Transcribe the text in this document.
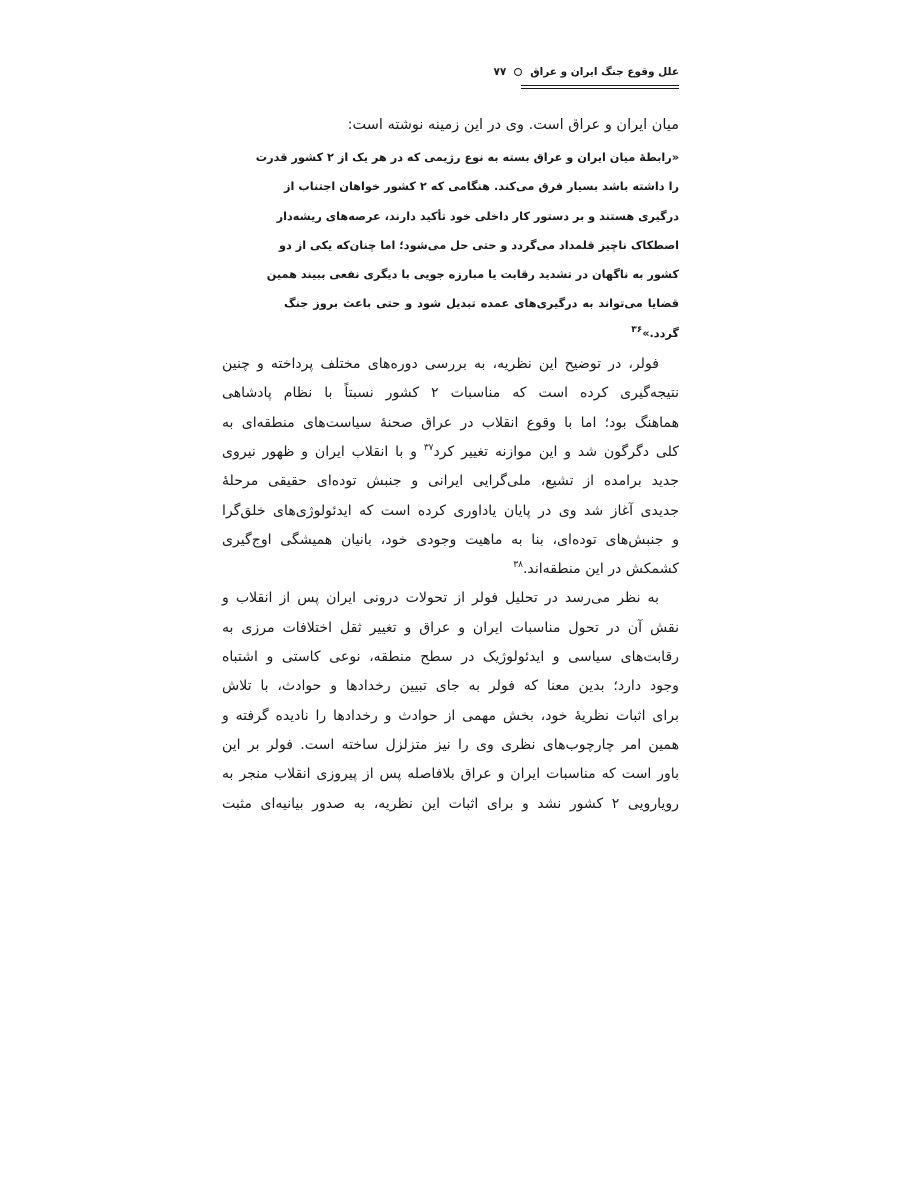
علل وقوع جنگ ایران و عراق
۷۷
میان ایران و عراق است. وی در این زمینه نوشته است:
«رابطهٔ میان ایران و عراق بسته به نوع رژیمی که در هر یک از ۲ کشور قدرت
را داشته باشد بسیار فرق می‌کند. هنگامی که ۲ کشور خواهان اجتناب از
درگیری هستند و بر دستور کار داخلی خود تأکید دارند، عرصه‌های ریشه‌دار
اصطکاک ناچیز قلمداد می‌گردد و حتی حل می‌شود؛ اما چنان‌که یکی از دو
کشور به ناگهان در تشدید رقابت یا مبارزه جویی با دیگری نفعی ببیند همین
قضایا می‌تواند به درگیری‌های عمده تبدیل شود و حتی باعث بروز جنگ
گردد.»$^{۳۶}$
فولر، در توضیح این نظریه، به بررسی دوره‌های مختلف پرداخته و چنین
نتیجه‌گیری کرده است که مناسبات ۲ کشور نسبتاً با نظام پادشاهی
هماهنگ بود؛ اما با وقوع انقلاب در عراق صحنهٔ سیاست‌های منطقه‌ای به
کلی دگرگون شد و این موازنه تغییر کرد$^{۳۷}$ و با انقلاب ایران و ظهور نیروی
جدید برامده از تشیع، ملی‌گرایی ایرانی و جنبش توده‌ای حقیقی مرحلهٔ
جدیدی آغاز شد وی در پایان یاداوری کرده است که ایدئولوژی‌های خلق‌گرا
و جنبش‌های توده‌ای، بنا به ماهیت وجودی خود، بانیان همیشگی اوج‌گیری
کشمکش در این منطقه‌اند.$^{۳۸}$
به نظر می‌رسد در تحلیل فولر از تحولات درونی ایران پس از انقلاب و
نقش آن در تحول مناسبات ایران و عراق و تغییر ثقل اختلافات مرزی به
رقابت‌های سیاسی و ایدئولوژیک در سطح منطقه، نوعی کاستی و اشتباه
وجود دارد؛ بدین معنا که فولر به جای تبیین رخدادها و حوادث، با تلاش
برای اثبات نظریهٔ خود، بخش مهمی از حوادث و رخدادها را نادیده گرفته و
همین امر چارچوب‌های نظری وی را نیز متزلزل ساخته است. فولر بر این
باور است که مناسبات ایران و عراق بلافاصله پس از پیروزی انقلاب منجر به
رویارویی ۲ کشور نشد و برای اثبات این نظریه، به صدور بیانیه‌ای مثبت
